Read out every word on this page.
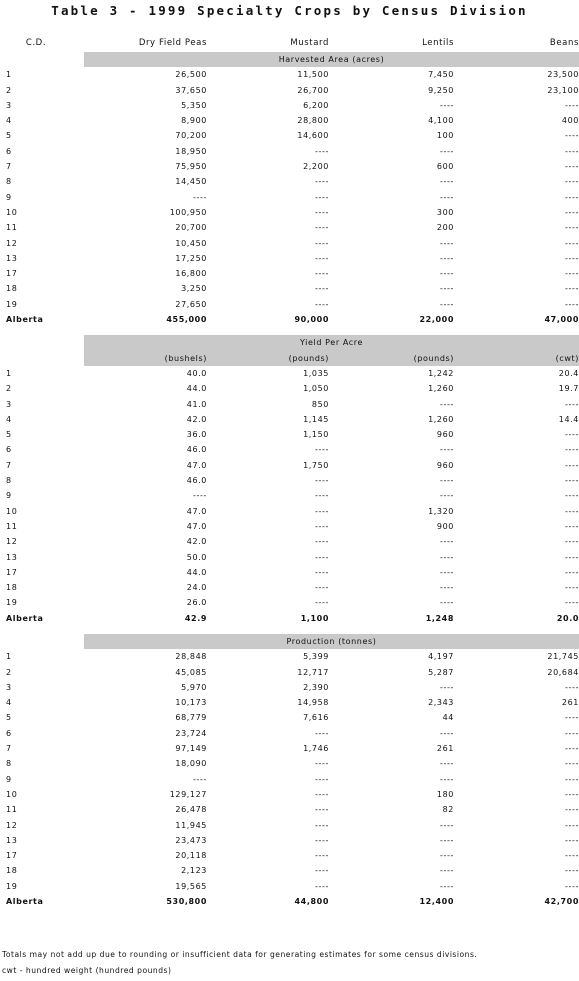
Table 3 - 1999 Specialty Crops by Census Division
C.D.	Dry Field Peas	Mustard	Lentils	Beans
	Harvested Area (acres)			
1	26,500	11,500	7,450	23,500
2	37,650	26,700	9,250	23,100
3	5,350	6,200	----	----
4	8,900	28,800	4,100	400
5	70,200	14,600	100	----
6	18,950	----	----	----
7	75,950	2,200	600	----
8	14,450	----	----	----
9	----	----	----	----
10	100,950	----	300	----
11	20,700	----	200	----
12	10,450	----	----	----
13	17,250	----	----	----
17	16,800	----	----	----
18	3,250	----	----	----
19	27,650	----	----	----
Alberta	455,000	90,000	22,000	47,000

	Yield Per Acre			
	(bushels)	(pounds)	(pounds)	(cwt)
1	40.0	1,035	1,242	20.4
2	44.0	1,050	1,260	19.7
3	41.0	850	----	----
4	42.0	1,145	1,260	14.4
5	36.0	1,150	960	----
6	46.0	----	----	----
7	47.0	1,750	960	----
8	46.0	----	----	----
9	----	----	----	----
10	47.0	----	1,320	----
11	47.0	----	900	----
12	42.0	----	----	----
13	50.0	----	----	----
17	44.0	----	----	----
18	24.0	----	----	----
19	26.0	----	----	----
Alberta	42.9	1,100	1,248	20.0

	Production (tonnes)			
1	28,848	5,399	4,197	21,745
2	45,085	12,717	5,287	20,684
3	5,970	2,390	----	----
4	10,173	14,958	2,343	261
5	68,779	7,616	44	----
6	23,724	----	----	----
7	97,149	1,746	261	----
8	18,090	----	----	----
9	----	----	----	----
10	129,127	----	180	----
11	26,478	----	82	----
12	11,945	----	----	----
13	23,473	----	----	----
17	20,118	----	----	----
18	2,123	----	----	----
19	19,565	----	----	----
Alberta	530,800	44,800	12,400	42,700
Totals may not add up due to rounding or insufficient data for generating estimates for some census divisions.
cwt - hundred weight (hundred pounds)
